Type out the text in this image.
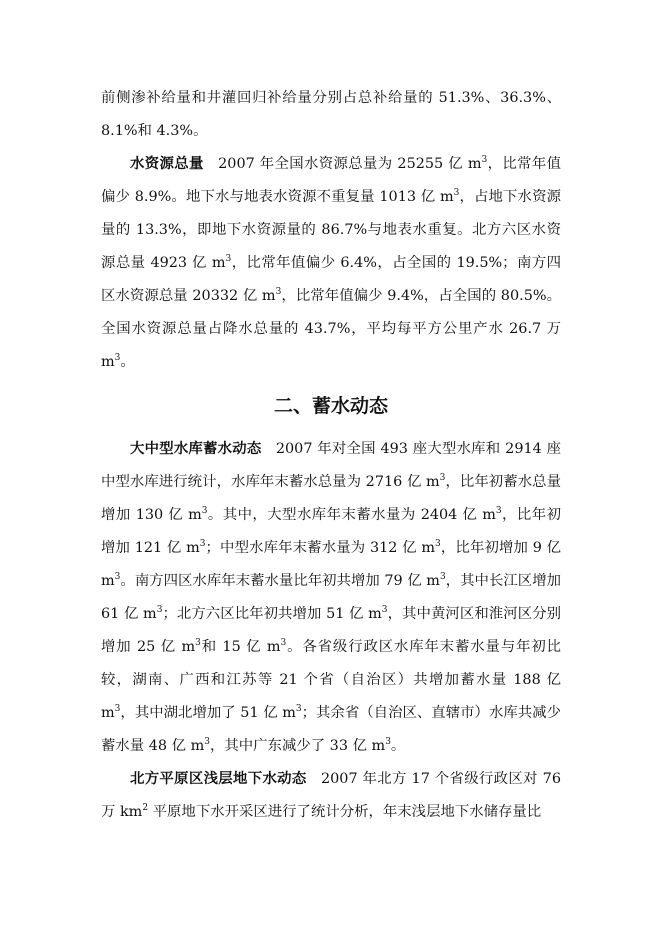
前侧渗补给量和井灌回归补给量分别占总补给量的 51.3%、36.3%、8.1%和 4.3%。

水资源总量  2007 年全国水资源总量为 25255 亿 $m^3$，比常年值偏少 8.9%。地下水与地表水资源不重复量 1013 亿 $m^3$，占地下水资源量的 13.3%，即地下水资源量的 86.7%与地表水重复。北方六区水资源总量 4923 亿 $m^3$，比常年值偏少 6.4%，占全国的 19.5%；南方四区水资源总量 20332 亿 $m^3$，比常年值偏少 9.4%，占全国的 80.5%。全国水资源总量占降水总量的 43.7%，平均每平方公里产水 26.7 万 $m^3$。

二、蓄水动态

大中型水库蓄水动态  2007 年对全国 493 座大型水库和 2914 座中型水库进行统计，水库年末蓄水总量为 2716 亿 $m^3$，比年初蓄水总量增加 130 亿 $m^3$。其中，大型水库年末蓄水量为 2404 亿 $m^3$，比年初增加 121 亿 $m^3$；中型水库年末蓄水量为 312 亿 $m^3$，比年初增加 9 亿 $m^3$。南方四区水库年末蓄水量比年初共增加 79 亿 $m^3$，其中长江区增加 61 亿 $m^3$；北方六区比年初共增加 51 亿 $m^3$，其中黄河区和淮河区分别增加 25 亿 $m^3$和 15 亿 $m^3$。各省级行政区水库年末蓄水量与年初比较，湖南、广西和江苏等 21 个省（自治区）共增加蓄水量 188 亿 $m^3$，其中湖北增加了 51 亿 $m^3$；其余省（自治区、直辖市）水库共减少蓄水量 48 亿 $m^3$，其中广东减少了 33 亿 $m^3$。

北方平原区浅层地下水动态  2007 年北方 17 个省级行政区对 76 万 $km^2$ 平原地下水开采区进行了统计分析，年末浅层地下水储存量比
